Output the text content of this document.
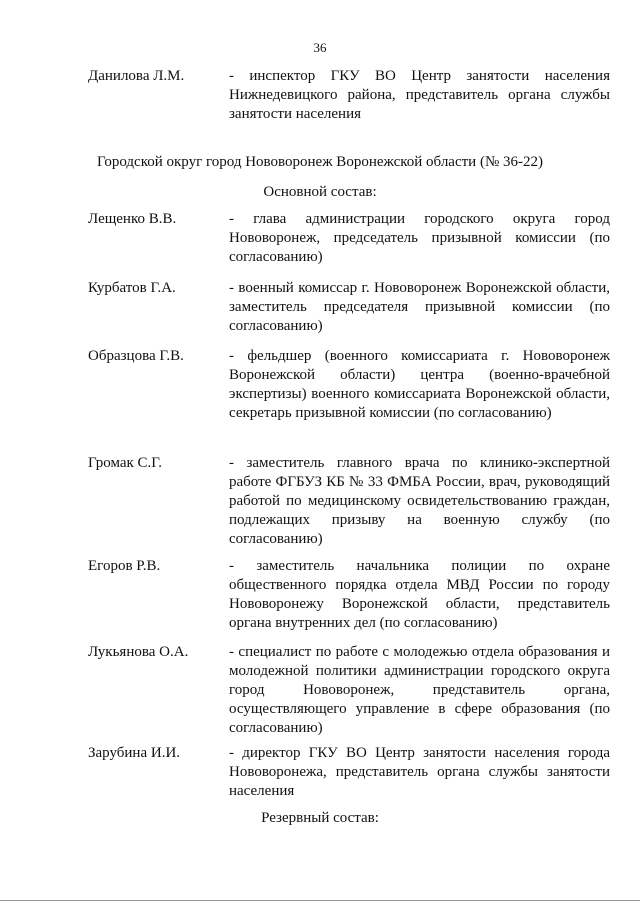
36
Данилова Л.М.	- инспектор ГКУ ВО Центр занятости населения Нижнедевицкого района, представитель органа службы занятости населения
Городской округ город Нововоронеж Воронежской области (№ 36-22)
Основной состав:
Лещенко В.В.	- глава администрации городского округа город Нововоронеж, председатель призывной комиссии (по согласованию)
Курбатов Г.А.	- военный комиссар г. Нововоронеж Воронежской области, заместитель председателя призывной комиссии (по согласованию)
Образцова Г.В.	- фельдшер (военного комиссариата г. Нововоронеж Воронежской области) центра (военно-врачебной экспертизы) военного комиссариата Воронежской области, секретарь призывной комиссии (по согласованию)
Громак С.Г.	- заместитель главного врача по клинико-экспертной работе ФГБУЗ КБ № 33 ФМБА России, врач, руководящий работой по медицинскому освидетельствованию граждан, подлежащих призыву на военную службу (по согласованию)
Егоров Р.В.	- заместитель начальника полиции по охране общественного порядка отдела МВД России по городу Нововоронежу Воронежской области, представитель органа внутренних дел (по согласованию)
Лукьянова О.А.	- специалист по работе с молодежью отдела образования и молодежной политики администрации городского округа город Нововоронеж, представитель органа, осуществляющего управление в сфере образования (по согласованию)
Зарубина И.И.	- директор ГКУ ВО Центр занятости населения города Нововоронежа, представитель органа службы занятости населения
Резервный состав:
